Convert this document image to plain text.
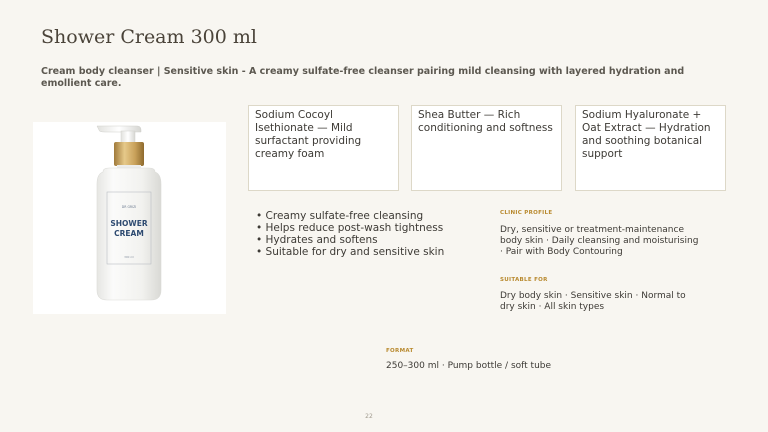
Shower Cream 300 ml

Cream body cleanser | Sensitive skin - A creamy sulfate-free cleanser pairing mild cleansing with layered hydration and emollient care.

DR GRIZI
SHOWER
CREAM
300 ml
Sodium Cocoyl Isethionate — Mild surfactant providing creamy foam
Shea Butter — Rich conditioning and softness
Sodium Hyaluronate + Oat Extract — Hydration and soothing botanical support
• Creamy sulfate-free cleansing
• Helps reduce post-wash tightness
• Hydrates and softens
• Suitable for dry and sensitive skin
CLINIC PROFILE
Dry, sensitive or treatment-maintenance body skin · Daily cleansing and moisturising · Pair with Body Contouring
SUITABLE FOR
Dry body skin · Sensitive skin · Normal to dry skin · All skin types
FORMAT
250–300 ml · Pump bottle / soft tube
22
